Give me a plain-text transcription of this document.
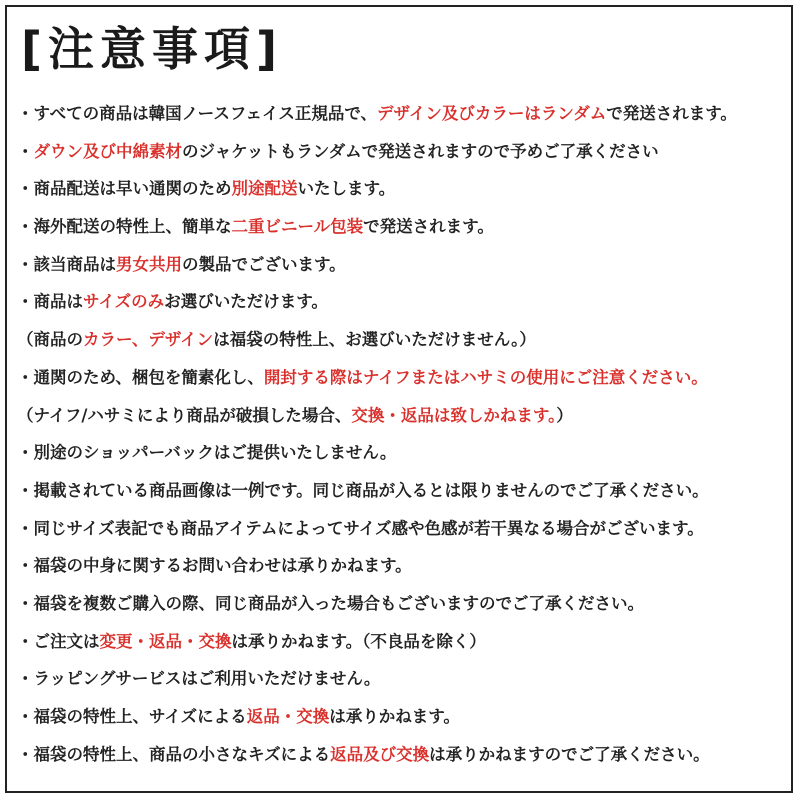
[注意事項]
・すべての商品は韓国ノースフェイス正規品で、デザイン及びカラーはランダムで発送されます。
・ダウン及び中綿素材のジャケットもランダムで発送されますので予めご了承ください
・商品配送は早い通関のため別途配送いたします。
・海外配送の特性上、簡単な二重ビニール包装で発送されます。
・該当商品は男女共用の製品でございます。
・商品はサイズのみお選びいただけます。
（商品のカラー、デザインは福袋の特性上、お選びいただけません。）
・通関のため、梱包を簡素化し、開封する際はナイフまたはハサミの使用にご注意ください。
（ナイフ/ハサミにより商品が破損した場合、交換・返品は致しかねます。）
・別途のショッパーバックはご提供いたしません。
・掲載されている商品画像は一例です。同じ商品が入るとは限りませんのでご了承ください。
・同じサイズ表記でも商品アイテムによってサイズ感や色感が若干異なる場合がございます。
・福袋の中身に関するお問い合わせは承りかねます。
・福袋を複数ご購入の際、同じ商品が入った場合もございますのでご了承ください。
・ご注文は変更・返品・交換は承りかねます。（不良品を除く）
・ラッピングサービスはご利用いただけません。
・福袋の特性上、サイズによる返品・交換は承りかねます。
・福袋の特性上、商品の小さなキズによる返品及び交換は承りかねますのでご了承ください。
